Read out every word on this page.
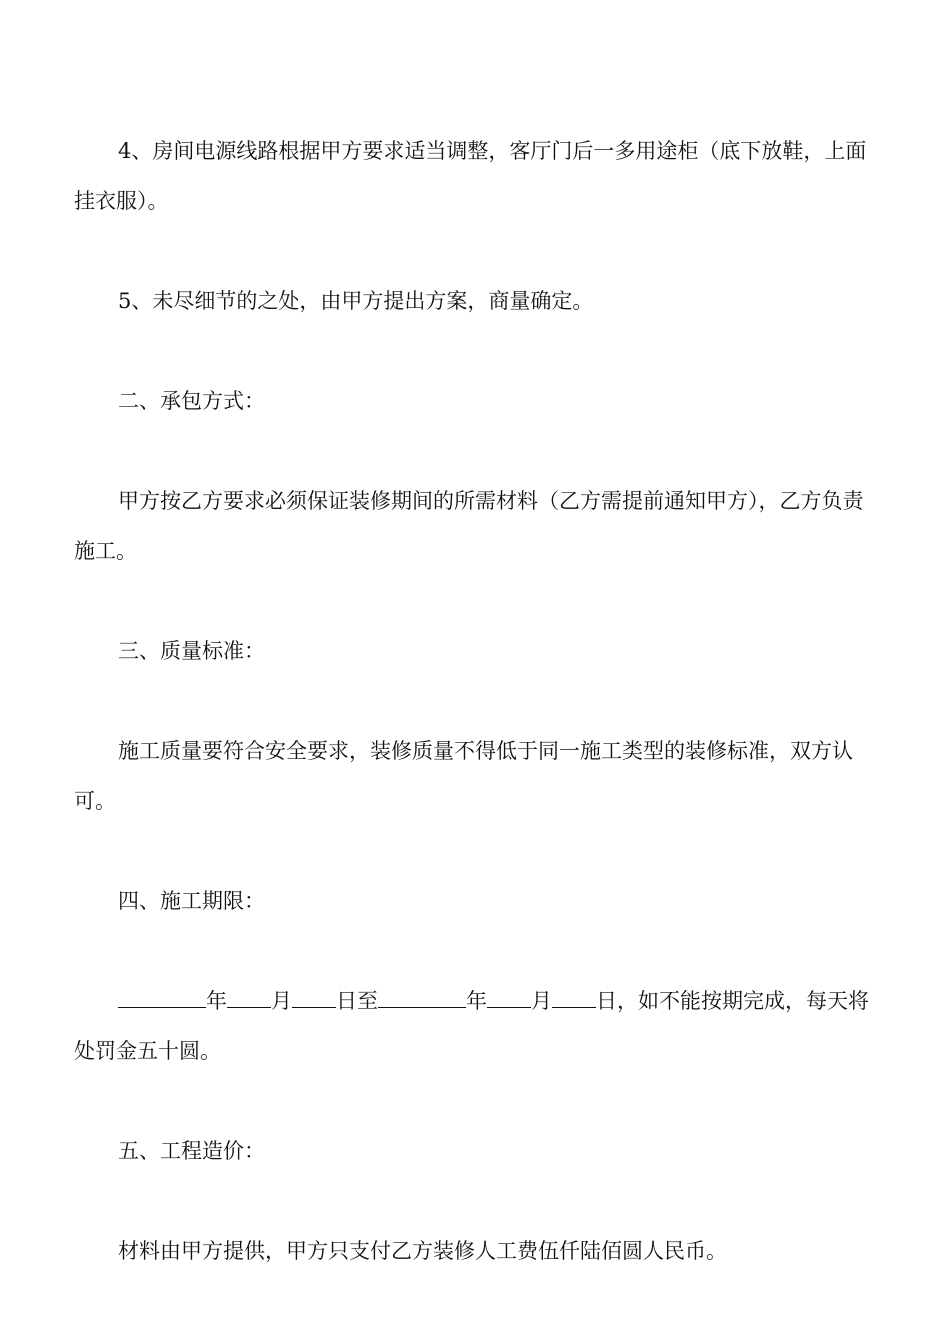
4、房间电源线路根据甲方要求适当调整，客厅门后一多用途柜（底下放鞋，上面挂衣服）。

5、未尽细节的之处，由甲方提出方案，商量确定。

二、承包方式：

甲方按乙方要求必须保证装修期间的所需材料（乙方需提前通知甲方），乙方负责施工。

三、质量标准：

施工质量要符合安全要求，装修质量不得低于同一施工类型的装修标准，双方认可。

四、施工期限：

年 月 日至	年 月 日，如不能按期完成，每天将处罚金五十圆。

五、工程造价：

材料由甲方提供，甲方只支付乙方装修人工费伍仟陆佰圆人民币。
